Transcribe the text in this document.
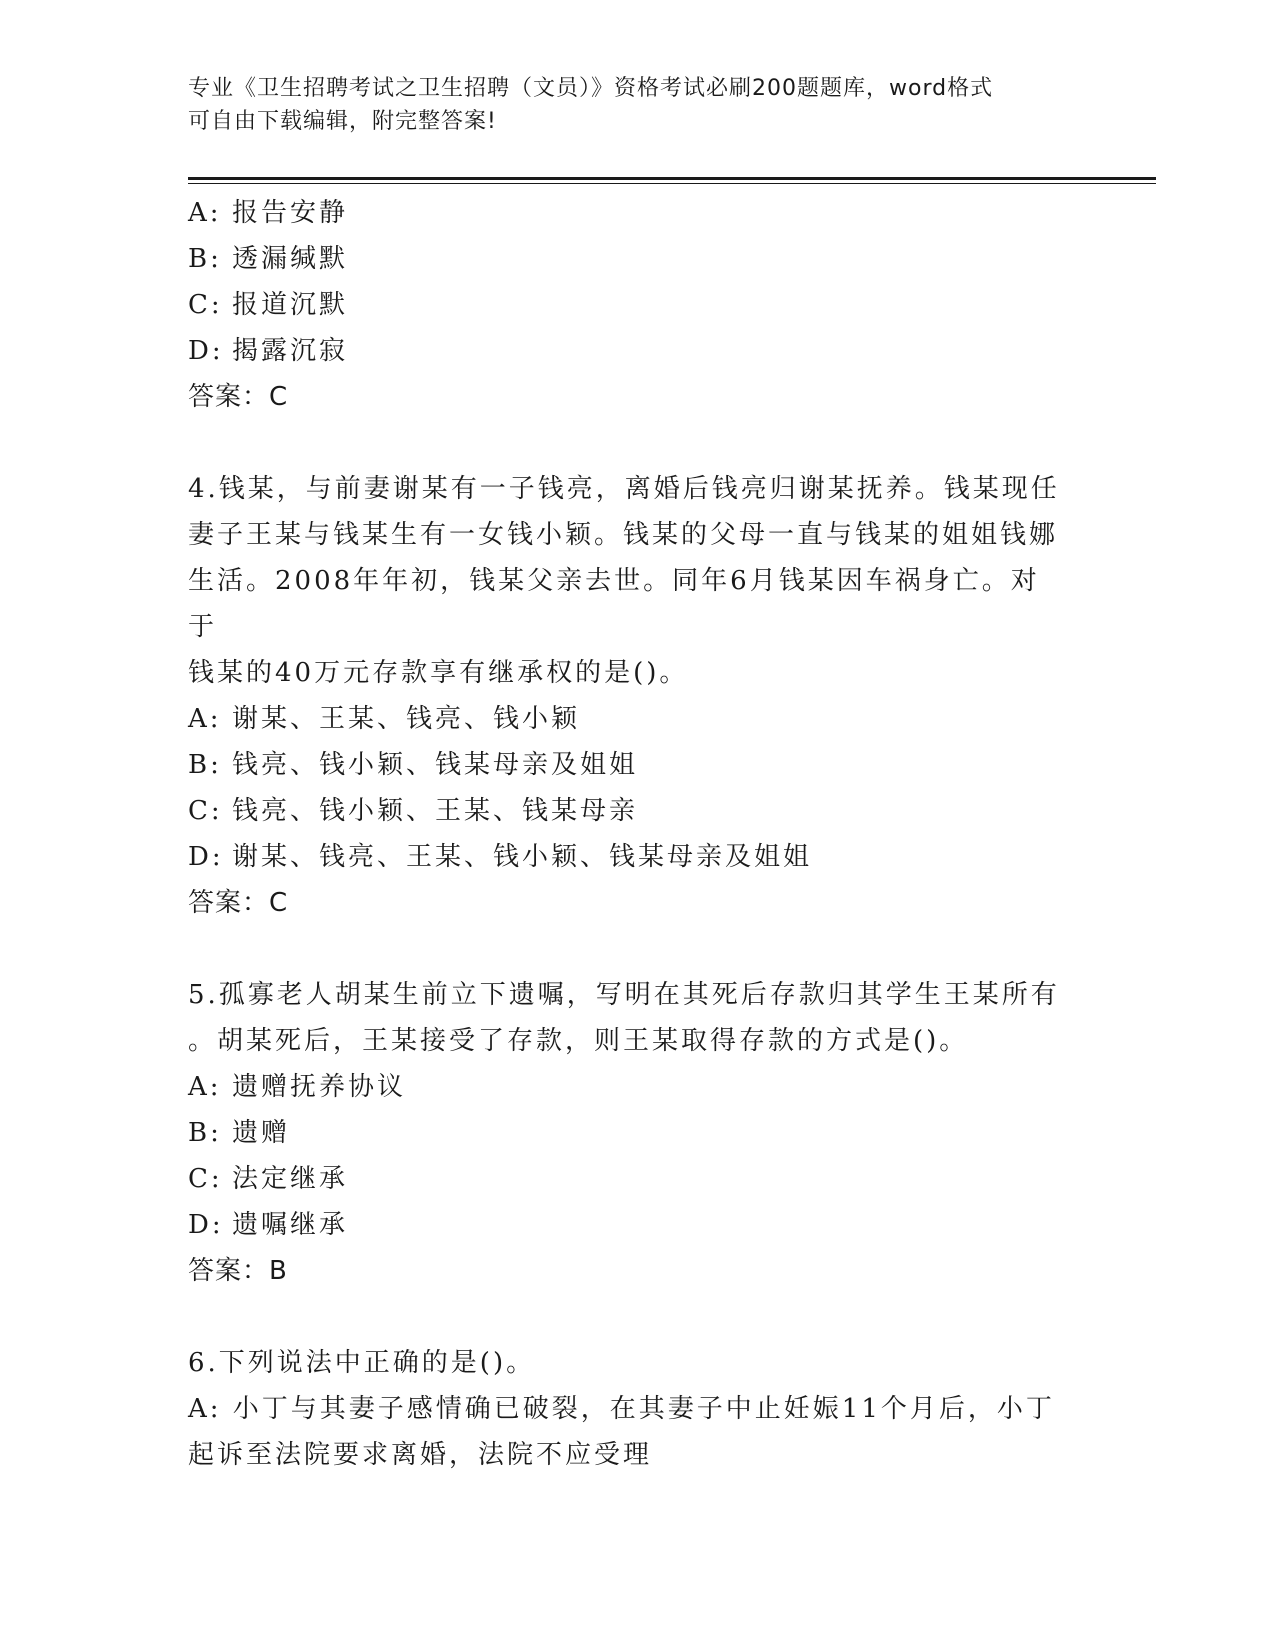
专业《卫生招聘考试之卫生招聘（文员）》资格考试必刷200题题库，word格式
可自由下载编辑，附完整答案!
A: 报告安静
B: 透漏缄默
C: 报道沉默
D: 揭露沉寂
答案：C
4.钱某，与前妻谢某有一子钱亮，离婚后钱亮归谢某抚养。钱某现任
妻子王某与钱某生有一女钱小颖。钱某的父母一直与钱某的姐姐钱娜
生活。2008年年初，钱某父亲去世。同年6月钱某因车祸身亡。对于
钱某的40万元存款享有继承权的是()。
A: 谢某、王某、钱亮、钱小颖
B: 钱亮、钱小颖、钱某母亲及姐姐
C: 钱亮、钱小颖、王某、钱某母亲
D: 谢某、钱亮、王某、钱小颖、钱某母亲及姐姐
答案：C
5.孤寡老人胡某生前立下遗嘱，写明在其死后存款归其学生王某所有
。胡某死后，王某接受了存款，则王某取得存款的方式是()。
A: 遗赠抚养协议
B: 遗赠
C: 法定继承
D: 遗嘱继承
答案：B
6.下列说法中正确的是()。
A: 小丁与其妻子感情确已破裂，在其妻子中止妊娠11个月后，小丁
起诉至法院要求离婚，法院不应受理
